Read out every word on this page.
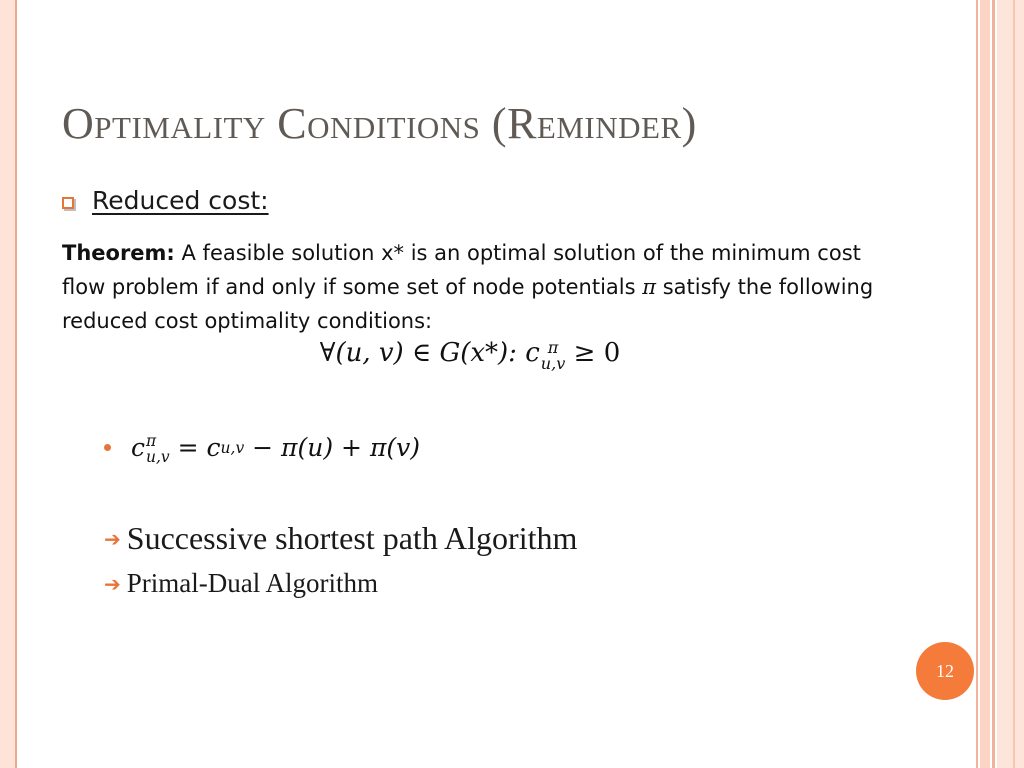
Optimality Conditions (Reminder)
Reduced cost:
Theorem: A feasible solution x* is an optimal solution of the minimum cost flow problem if and only if some set of node potentials π satisfy the following reduced cost optimality conditions:
∀(u, v) ∈ G(x*): c π
u,v ≥ 0
c π
u,v = c u,v − π(u) + π(v)
➔ Successive shortest path Algorithm
➔ Primal-Dual Algorithm
12
